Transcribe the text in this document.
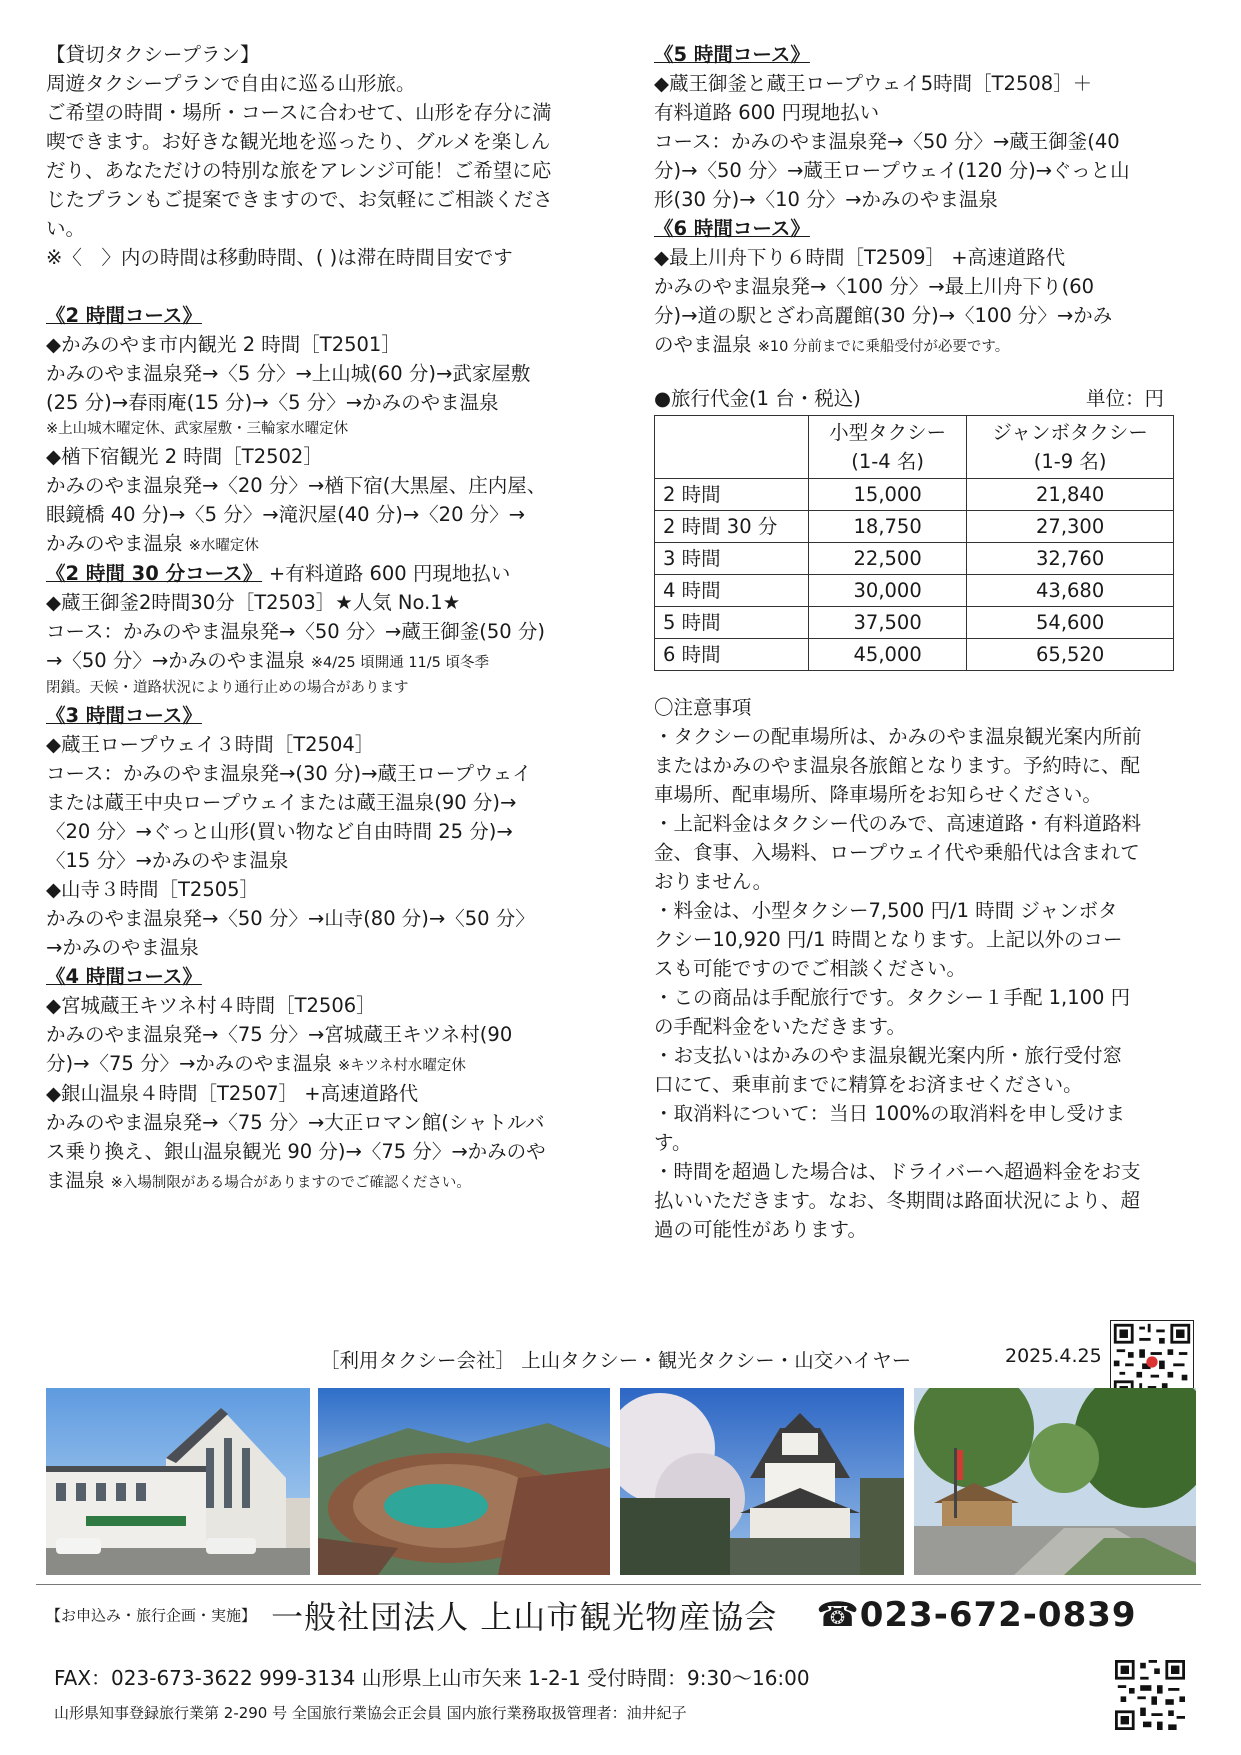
【貸切タクシープラン】
周遊タクシープランで自由に巡る山形旅。
ご希望の時間・場所・コースに合わせて、山形を存分に満
喫できます。お好きな観光地を巡ったり、グルメを楽しん
だり、あなただけの特別な旅をアレンジ可能！ご希望に応
じたプランもご提案できますので、お気軽にご相談くださ
い。
※〈　〉内の時間は移動時間、( )は滞在時間目安です
《2 時間コース》
◆かみのやま市内観光 2 時間［T2501］
かみのやま温泉発→〈5 分〉→上山城(60 分)→武家屋敷
(25 分)→春雨庵(15 分)→〈5 分〉→かみのやま温泉
※上山城木曜定休、武家屋敷・三輪家水曜定休
◆楢下宿観光 2 時間［T2502］
かみのやま温泉発→〈20 分〉→楢下宿(大黒屋、庄内屋、
眼鏡橋 40 分)→〈5 分〉→滝沢屋(40 分)→〈20 分〉→
かみのやま温泉 ※水曜定休
《2 時間 30 分コース》 +有料道路 600 円現地払い
◆蔵王御釜2時間30分［T2503］★人気 No.1★
コース：かみのやま温泉発→〈50 分〉→蔵王御釜(50 分)
→〈50 分〉→かみのやま温泉 ※4/25 頃開通 11/5 頃冬季
閉鎖。天候・道路状況により通行止めの場合があります
《3 時間コース》
◆蔵王ロープウェイ３時間［T2504］
コース：かみのやま温泉発→(30 分)→蔵王ロープウェイ
または蔵王中央ロープウェイまたは蔵王温泉(90 分)→
〈20 分〉→ぐっと山形(買い物など自由時間 25 分)→
〈15 分〉→かみのやま温泉
◆山寺３時間［T2505］
かみのやま温泉発→〈50 分〉→山寺(80 分)→〈50 分〉
→かみのやま温泉
《4 時間コース》
◆宮城蔵王キツネ村４時間［T2506］
かみのやま温泉発→〈75 分〉→宮城蔵王キツネ村(90
分)→〈75 分〉→かみのやま温泉 ※キツネ村水曜定休
◆銀山温泉４時間［T2507］ +高速道路代
かみのやま温泉発→〈75 分〉→大正ロマン館(シャトルバ
ス乗り換え、銀山温泉観光 90 分)→〈75 分〉→かみのや
ま温泉 ※入場制限がある場合がありますのでご確認ください。
《5 時間コース》
◆蔵王御釜と蔵王ロープウェイ5時間［T2508］＋
有料道路 600 円現地払い
コース：かみのやま温泉発→〈50 分〉→蔵王御釜(40
分)→〈50 分〉→蔵王ロープウェイ(120 分)→ぐっと山
形(30 分)→〈10 分〉→かみのやま温泉
《6 時間コース》
◆最上川舟下り６時間［T2509］ +高速道路代
かみのやま温泉発→〈100 分〉→最上川舟下り(60
分)→道の駅とざわ高麗館(30 分)→〈100 分〉→かみ
のやま温泉 ※10 分前までに乗船受付が必要です。
●旅行代金(1 台・税込)	単位：円
	小型タクシー
(1-4 名)	ジャンボタクシー
(1-9 名)
2 時間	15,000	21,840
2 時間 30 分	18,750	27,300
3 時間	22,500	32,760
4 時間	30,000	43,680
5 時間	37,500	54,600
6 時間	45,000	65,520
〇注意事項
・タクシーの配車場所は、かみのやま温泉観光案内所前
またはかみのやま温泉各旅館となります。予約時に、配
車場所、配車場所、降車場所をお知らせください。
・上記料金はタクシー代のみで、高速道路・有料道路料
金、食事、入場料、ロープウェイ代や乗船代は含まれて
おりません。
・料金は、小型タクシー7,500 円/1 時間 ジャンボタ
クシー10,920 円/1 時間となります。上記以外のコー
スも可能ですのでご相談ください。
・この商品は手配旅行です。タクシー１手配 1,100 円
の手配料金をいただきます。
・お支払いはかみのやま温泉観光案内所・旅行受付窓
口にて、乗車前までに精算をお済ませください。
・取消料について：当日 100%の取消料を申し受けま
す。
・時間を超過した場合は、ドライバーへ超過料金をお支
払いいただきます。なお、冬期間は路面状況により、超
過の可能性があります。
［利用タクシー会社］ 上山タクシー・観光タクシー・山交ハイヤー	2025.4.25
【お申込み・旅行企画・実施】 一般社団法人 上山市観光物産協会 ☎023-672-0839
FAX：023-673-3622 999-3134 山形県上山市矢来 1-2-1 受付時間：9:30～16:00
山形県知事登録旅行業第 2-290 号 全国旅行業協会正会員 国内旅行業務取扱管理者：油井紀子
